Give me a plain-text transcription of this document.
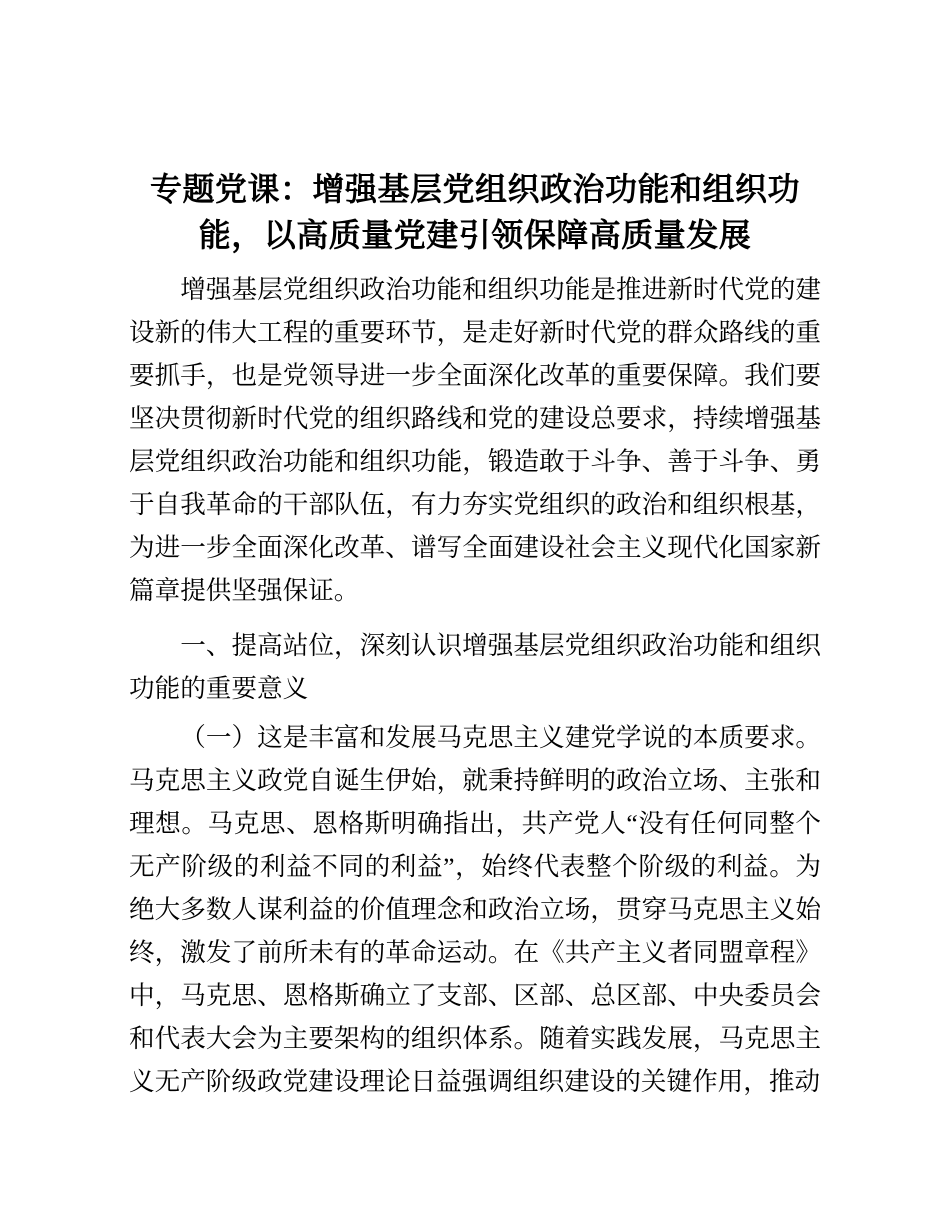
专题党课：增强基层党组织政治功能和组织功能，以高质量党建引领保障高质量发展

增强基层党组织政治功能和组织功能是推进新时代党的建设新的伟大工程的重要环节，是走好新时代党的群众路线的重要抓手，也是党领导进一步全面深化改革的重要保障。我们要坚决贯彻新时代党的组织路线和党的建设总要求，持续增强基层党组织政治功能和组织功能，锻造敢于斗争、善于斗争、勇于自我革命的干部队伍，有力夯实党组织的政治和组织根基，为进一步全面深化改革、谱写全面建设社会主义现代化国家新篇章提供坚强保证。

一、提高站位，深刻认识增强基层党组织政治功能和组织功能的重要意义

（一）这是丰富和发展马克思主义建党学说的本质要求。马克思主义政党自诞生伊始，就秉持鲜明的政治立场、主张和理想。马克思、恩格斯明确指出，共产党人“没有任何同整个无产阶级的利益不同的利益”，始终代表整个阶级的利益。为绝大多数人谋利益的价值理念和政治立场，贯穿马克思主义始终，激发了前所未有的革命运动。在《共产主义者同盟章程》中，马克思、恩格斯确立了支部、区部、总区部、中央委员会和代表大会为主要架构的组织体系。随着实践发展，马克思主义无产阶级政党建设理论日益强调组织建设的关键作用，推动
